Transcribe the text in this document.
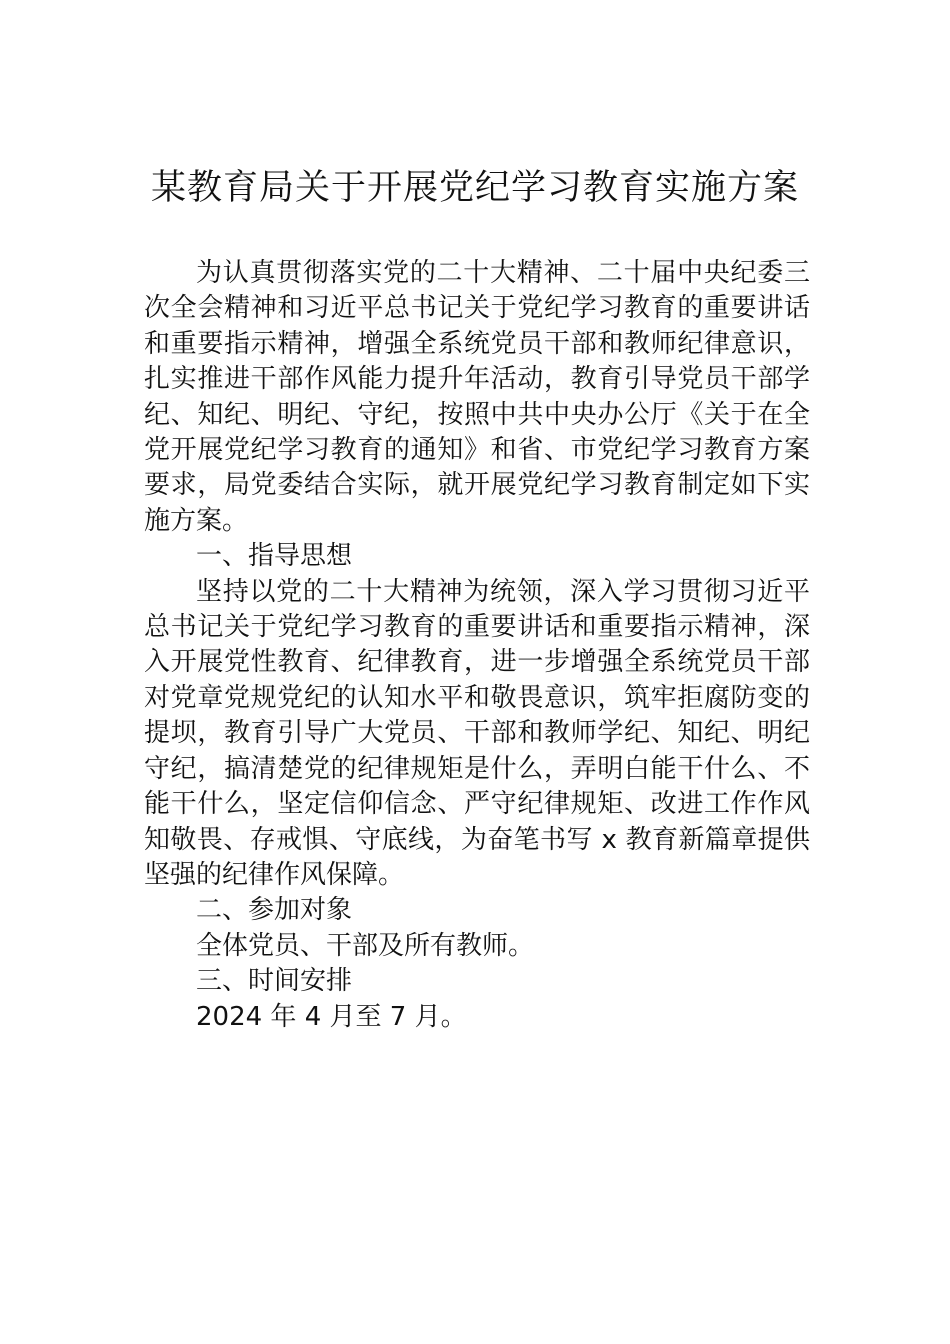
某教育局关于开展党纪学习教育实施方案

为认真贯彻落实党的二十大精神、二十届中央纪委三次全会精神和习近平总书记关于党纪学习教育的重要讲话和重要指示精神，增强全系统党员干部和教师纪律意识，扎实推进干部作风能力提升年活动，教育引导党员干部学纪、知纪、明纪、守纪，按照中共中央办公厅《关于在全党开展党纪学习教育的通知》和省、市党纪学习教育方案要求，局党委结合实际，就开展党纪学习教育制定如下实施方案。

一、指导思想

坚持以党的二十大精神为统领，深入学习贯彻习近平总书记关于党纪学习教育的重要讲话和重要指示精神，深入开展党性教育、纪律教育，进一步增强全系统党员干部对党章党规党纪的认知水平和敬畏意识，筑牢拒腐防变的提坝，教育引导广大党员、干部和教师学纪、知纪、明纪守纪，搞清楚党的纪律规矩是什么，弄明白能干什么、不能干什么，坚定信仰信念、严守纪律规矩、改进工作作风知敬畏、存戒惧、守底线，为奋笔书写 x 教育新篇章提供坚强的纪律作风保障。

二、参加对象

全体党员、干部及所有教师。

三、时间安排

2024 年 4 月至 7 月。
